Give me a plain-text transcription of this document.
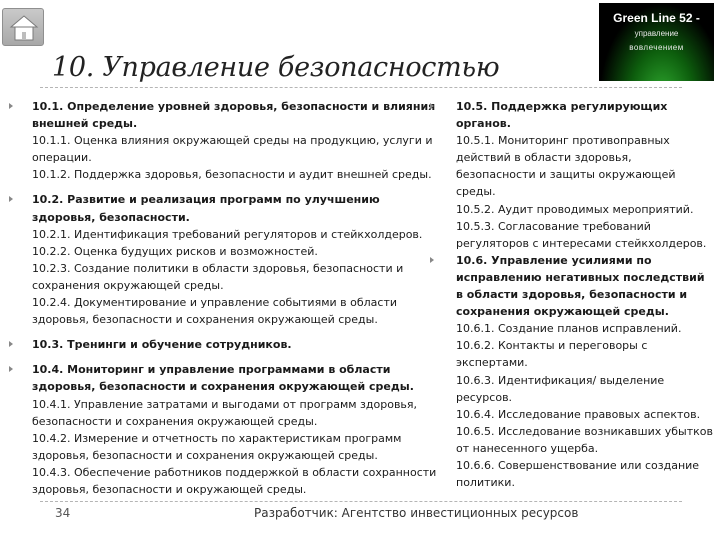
Green Line 52 -
управление
вовлечением
10. Управление безопасностью
10.1. Определение уровней здоровья, безопасности и влияния внешней среды.
10.1.1. Оценка влияния окружающей среды на продукцию, услуги и операции.
10.1.2. Поддержка здоровья, безопасности и аудит внешней среды.
10.2. Развитие и реализация программ по улучшению здоровья, безопасности.
10.2.1. Идентификация требований регуляторов и стейкхолдеров.
10.2.2. Оценка будущих рисков и возможностей.
10.2.3. Создание политики в области здоровья, безопасности и сохранения окружающей среды.
10.2.4. Документирование и управление событиями в области здоровья, безопасности и сохранения окружающей среды.
10.3. Тренинги и обучение сотрудников.
10.4. Мониторинг и управление программами в области здоровья, безопасности и сохранения окружающей среды.
10.4.1. Управление затратами и выгодами от программ здоровья, безопасности и сохранения окружающей среды.
10.4.2. Измерение и отчетность по характеристикам программ здоровья, безопасности и сохранения окружающей среды.
10.4.3. Обеспечение работников поддержкой в области сохранности здоровья, безопасности и окружающей среды.
10.5. Поддержка регулирующих органов.
10.5.1. Мониторинг противоправных действий в области здоровья, безопасности и защиты окружающей среды.
10.5.2. Аудит проводимых мероприятий.
10.5.3. Согласование требований регуляторов с интересами стейкхолдеров.
10.6. Управление усилиями по исправлению негативных последствий в области здоровья, безопасности и сохранения окружающей среды.
10.6.1. Создание планов исправлений.
10.6.2. Контакты и переговоры с экспертами.
10.6.3. Идентификация/ выделение ресурсов.
10.6.4. Исследование правовых аспектов.
10.6.5. Исследование возникавших убытков от нанесенного ущерба.
10.6.6. Совершенствование или создание политики.
34	Разработчик: Агентство инвестиционных ресурсов
